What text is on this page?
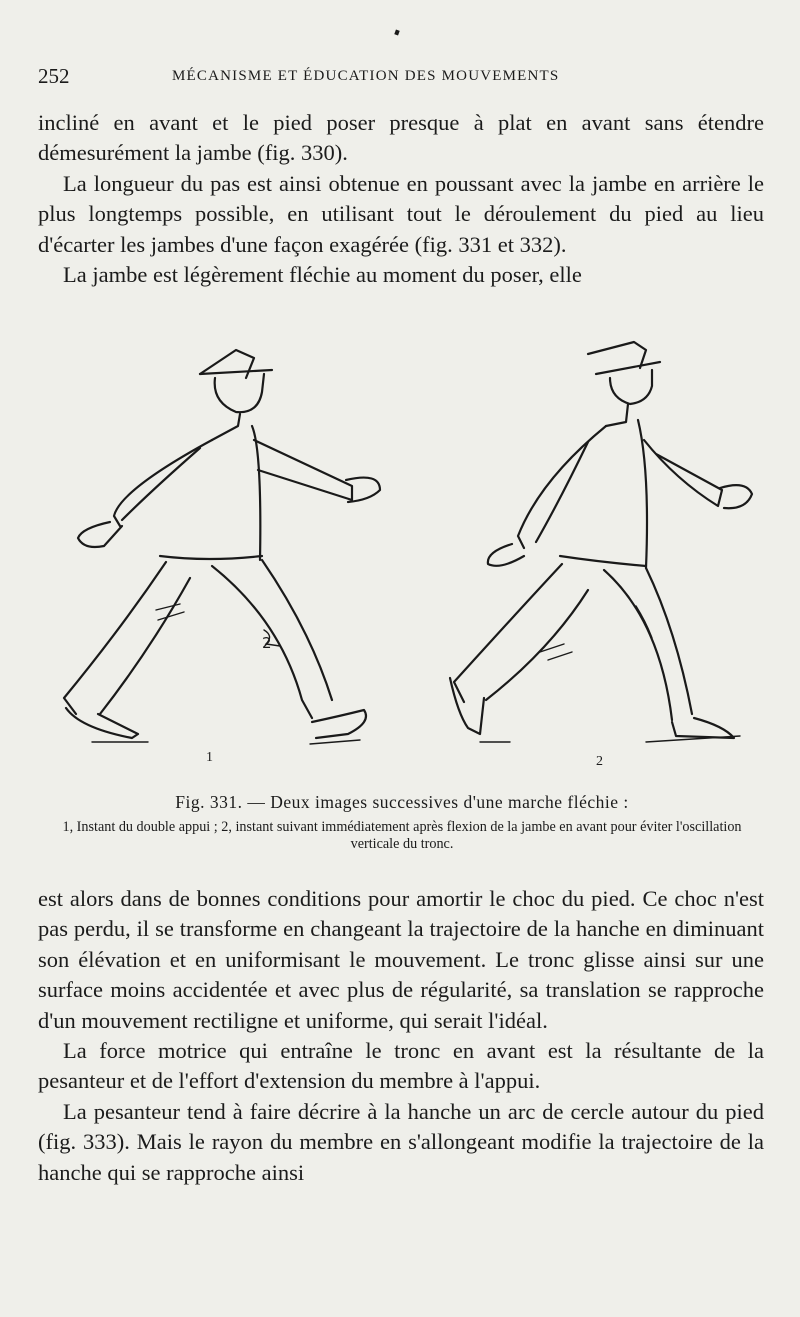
252	MÉCANISME ET ÉDUCATION DES MOUVEMENTS

incliné en avant et le pied poser presque à plat en avant sans étendre démesurément la jambe (fig. 330).

La longueur du pas est ainsi obtenue en poussant avec la jambe en arrière le plus longtemps possible, en utilisant tout le déroulement du pied au lieu d'écarter les jambes d'une façon exagérée (fig. 331 et 332).

La jambe est légèrement fléchie au moment du poser, elle

2
1	2
Fig. 331. — Deux images successives d'une marche fléchie :
1, Instant du double appui ; 2, instant suivant immédiatement après flexion de la jambe en avant pour éviter l'oscillation verticale du tronc.

est alors dans de bonnes conditions pour amortir le choc du pied. Ce choc n'est pas perdu, il se transforme en changeant la trajectoire de la hanche en diminuant son élévation et en uniformisant le mouvement. Le tronc glisse ainsi sur une surface moins accidentée et avec plus de régularité, sa translation se rapproche d'un mouvement rectiligne et uniforme, qui serait l'idéal.

La force motrice qui entraîne le tronc en avant est la résultante de la pesanteur et de l'effort d'extension du membre à l'appui.

La pesanteur tend à faire décrire à la hanche un arc de cercle autour du pied (fig. 333). Mais le rayon du membre en s'allongeant modifie la trajectoire de la hanche qui se rapproche ainsi
